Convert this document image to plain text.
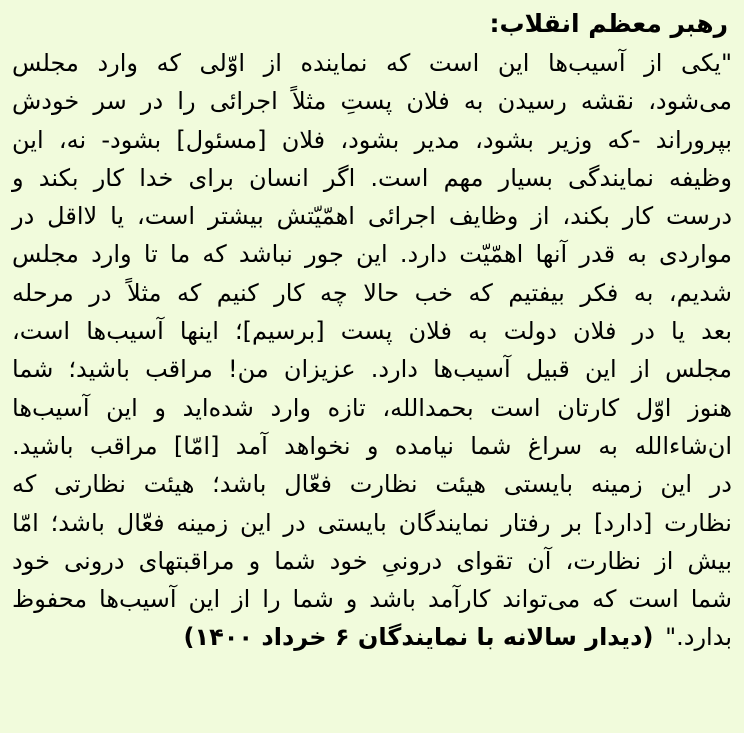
رهبر معظم انقلاب:
"یکی از آسیب‌ها این است که نماینده از اوّلی که وارد مجلس
می‌شود، نقشه رسیدن به فلان پستِ مثلاً اجرائی را در سر خودش
بپروراند -که وزیر بشود، مدیر بشود، فلان [مسئول] بشود- نه، این
وظیفه نمایندگی بسیار مهم است. اگر انسان برای خدا کار بکند و
درست کار بکند، از وظایف اجرائی اهمّیّتش بیشتر است، یا لااقل در
مواردی به قدر آنها اهمّیّت دارد. این جور نباشد که ما تا وارد مجلس
شدیم، به فکر بیفتیم که خب حالا چه کار کنیم که مثلاً در مرحله
بعد یا در فلان دولت به فلان پست [برسیم]؛ اینها آسیب‌ها است،
مجلس از این قبیل آسیب‌ها دارد. عزیزان من! مراقب باشید؛ شما
هنوز اوّل کارتان است بحمدالله، تازه وارد شده‌اید و این آسیب‌ها
ان‌شاءالله به سراغ شما نیامده و نخواهد آمد [امّا] مراقب باشید.
در این زمینه بایستی هیئت نظارت فعّال باشد؛ هیئت نظارتی که
نظارت [دارد] بر رفتار نمایندگان بایستی در این زمینه فعّال باشد؛ امّا
بیش از نظارت، آن تقوای درونیِ خود شما و مراقبتهای درونی خود
شما است که می‌تواند کارآمد باشد و شما را از این آسیب‌ها محفوظ
بدارد." (دیدار سالانه با نمایندگان ۶ خرداد ۱۴۰۰)
